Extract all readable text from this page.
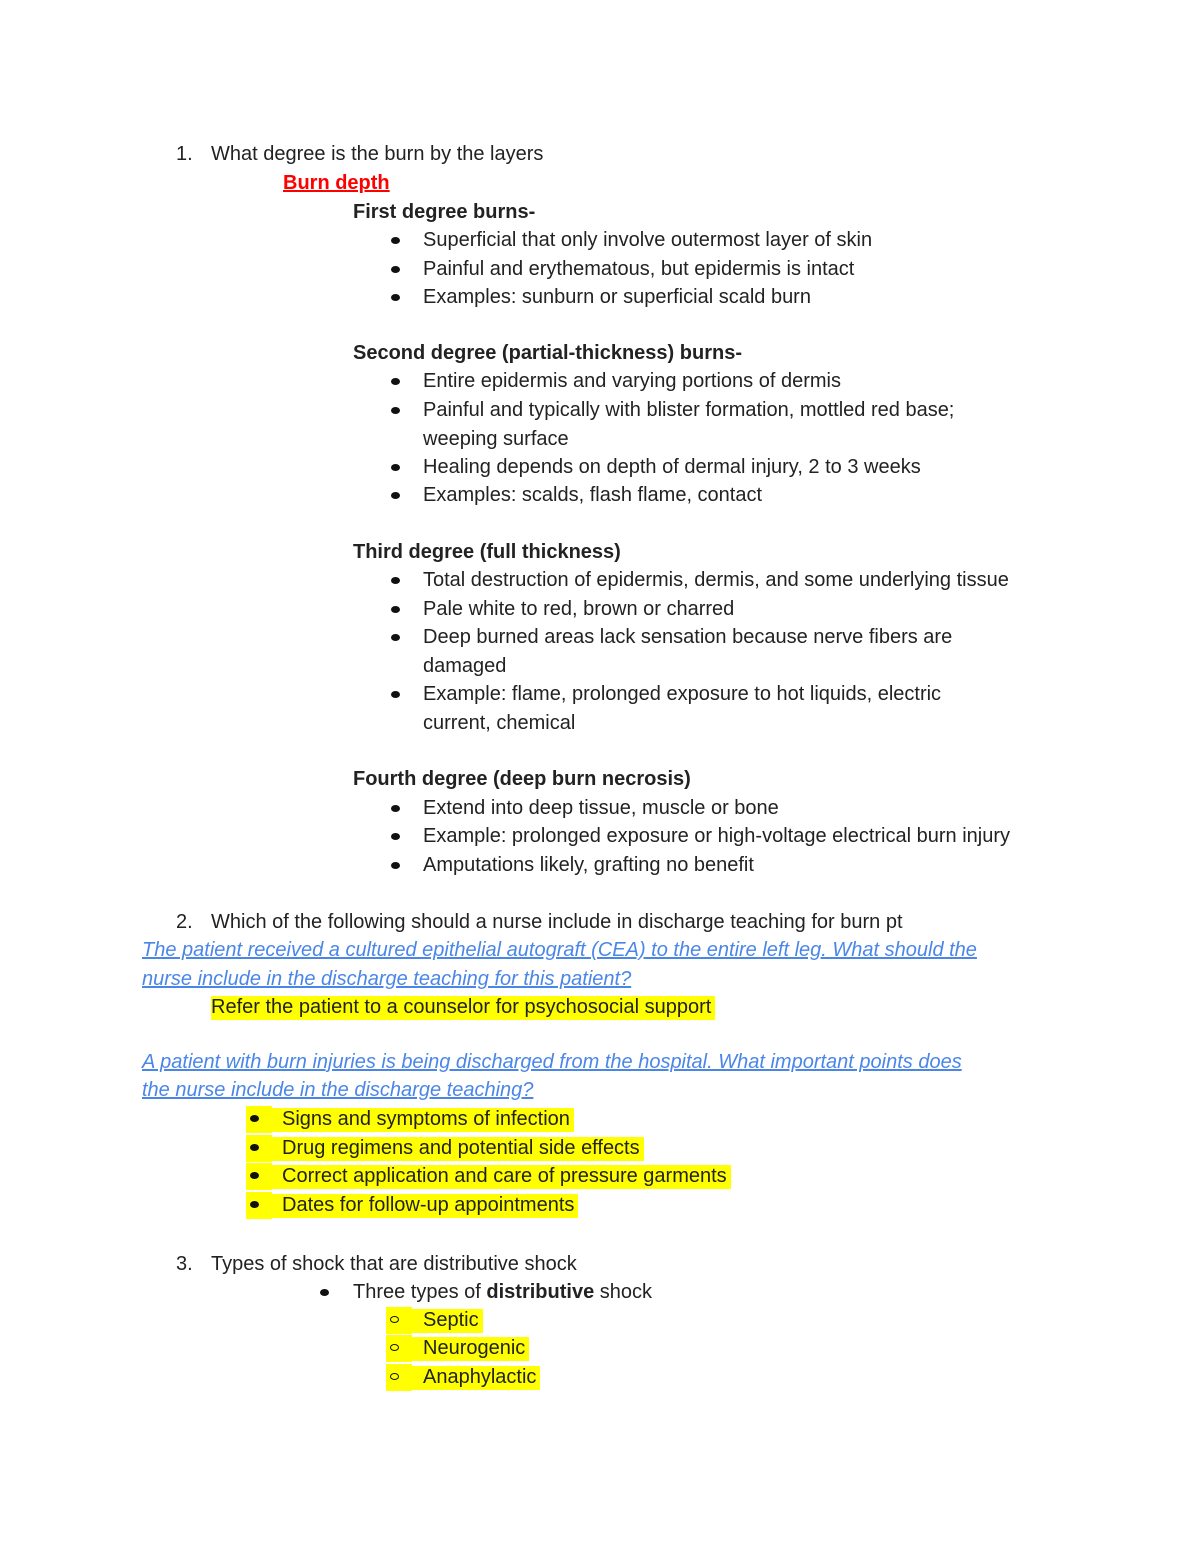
1. What degree is the burn by the layers
Burn depth
First degree burns-
Superficial that only involve outermost layer of skin
Painful and erythematous, but epidermis is intact
Examples: sunburn or superficial scald burn
Second degree (partial-thickness) burns-
Entire epidermis and varying portions of dermis
Painful and typically with blister formation, mottled red base;
weeping surface
Healing depends on depth of dermal injury, 2 to 3 weeks
Examples: scalds, flash flame, contact
Third degree (full thickness)
Total destruction of epidermis, dermis, and some underlying tissue
Pale white to red, brown or charred
Deep burned areas lack sensation because nerve fibers are
damaged
Example: flame, prolonged exposure to hot liquids, electric
current, chemical
Fourth degree (deep burn necrosis)
Extend into deep tissue, muscle or bone
Example: prolonged exposure or high-voltage electrical burn injury
Amputations likely, grafting no benefit
2. Which of the following should a nurse include in discharge teaching for burn pt
The patient received a cultured epithelial autograft (CEA) to the entire left leg. What should the
nurse include in the discharge teaching for this patient?
Refer the patient to a counselor for psychosocial support
A patient with burn injuries is being discharged from the hospital. What important points does
the nurse include in the discharge teaching?
Signs and symptoms of infection
Drug regimens and potential side effects
Correct application and care of pressure garments
Dates for follow-up appointments
3. Types of shock that are distributive shock
Three types of distributive shock
Septic
Neurogenic
Anaphylactic
